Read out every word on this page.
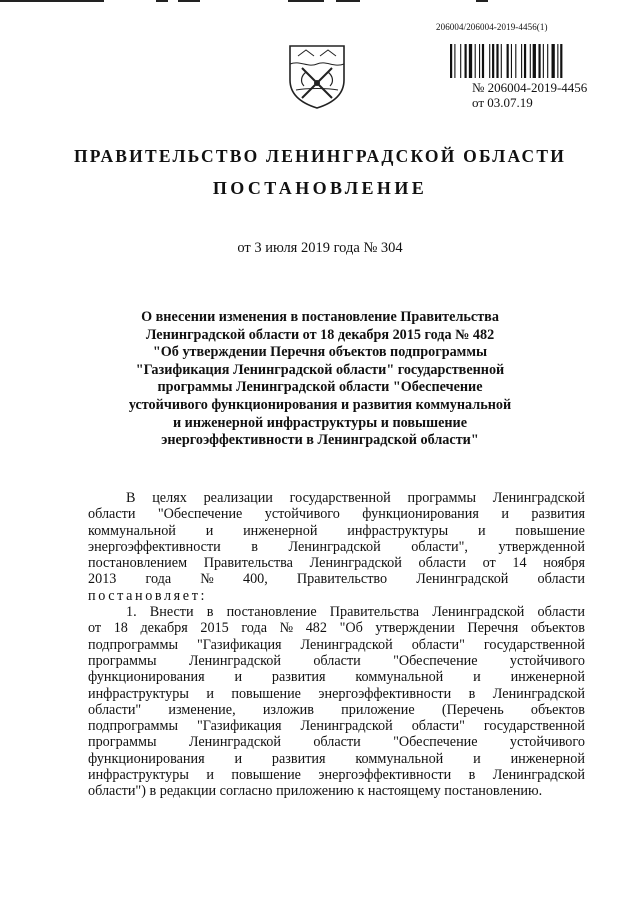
206004/206004-2019-4456(1)
№ 206004-2019-4456
от 03.07.19
ПРАВИТЕЛЬСТВО ЛЕНИНГРАДСКОЙ ОБЛАСТИ
ПОСТАНОВЛЕНИЕ
от 3 июля 2019 года № 304
О внесении изменения в постановление Правительства
Ленинградской области от 18 декабря 2015 года № 482
"Об утверждении Перечня объектов подпрограммы
"Газификация Ленинградской области" государственной
программы Ленинградской области "Обеспечение
устойчивого функционирования и развития коммунальной
и инженерной инфраструктуры и повышение
энергоэффективности в Ленинградской области"
В целях реализации государственной программы Ленинградской
области "Обеспечение устойчивого функционирования и развития
коммунальной и инженерной инфраструктуры и повышение
энергоэффективности в Ленинградской области", утвержденной
постановлением Правительства Ленинградской области от 14 ноября
2013 года № 400, Правительство Ленинградской области
постановляет:
1. Внести в постановление Правительства Ленинградской области
от 18 декабря 2015 года № 482 "Об утверждении Перечня объектов
подпрограммы "Газификация Ленинградской области" государственной
программы Ленинградской области "Обеспечение устойчивого
функционирования и развития коммунальной и инженерной
инфраструктуры и повышение энергоэффективности в Ленинградской
области" изменение, изложив приложение (Перечень объектов
подпрограммы "Газификация Ленинградской области" государственной
программы Ленинградской области "Обеспечение устойчивого
функционирования и развития коммунальной и инженерной
инфраструктуры и повышение энергоэффективности в Ленинградской
области") в редакции согласно приложению к настоящему постановлению.
